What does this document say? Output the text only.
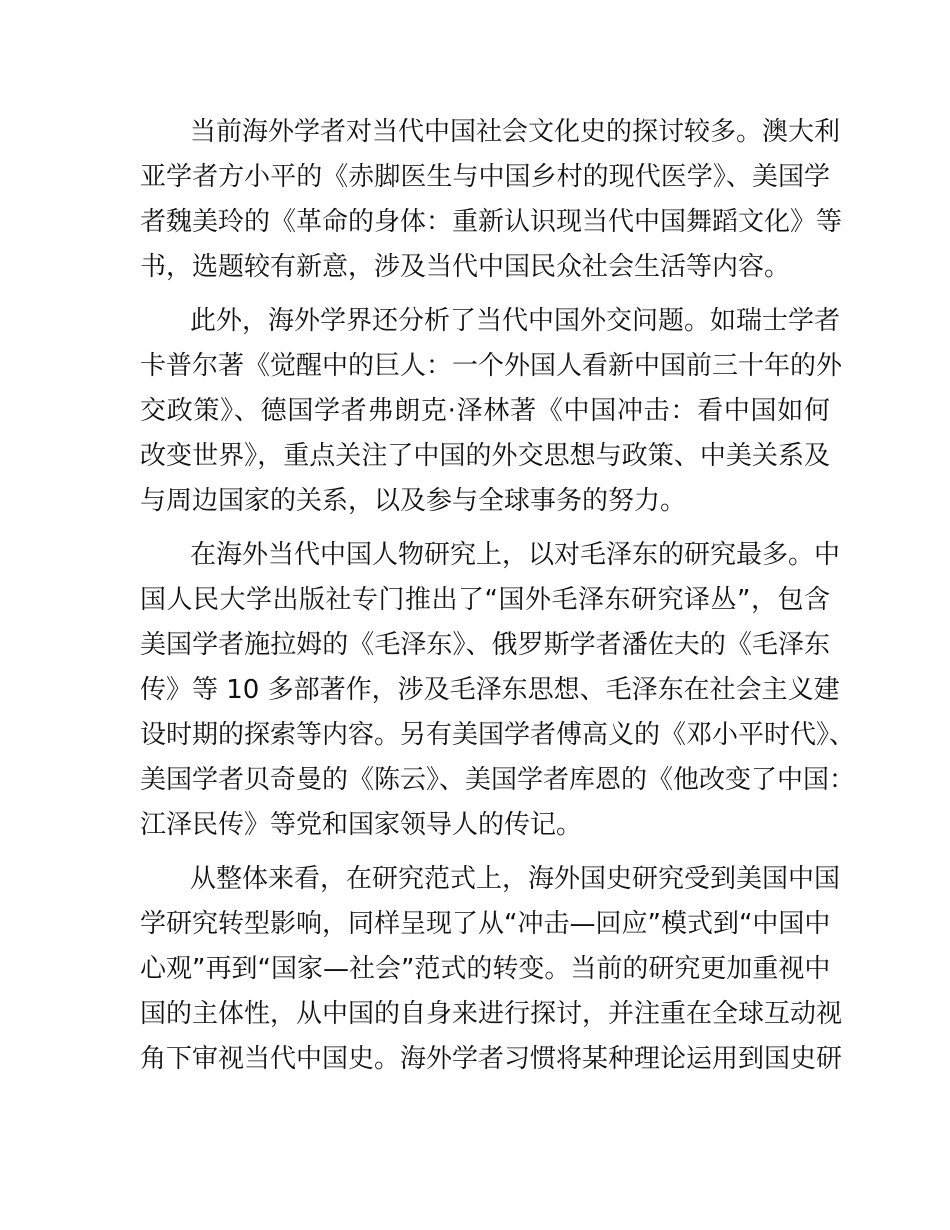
当前海外学者对当代中国社会文化史的探讨较多。澳大利
亚学者方小平的《赤脚医生与中国乡村的现代医学》、美国学
者魏美玲的《革命的身体：重新认识现当代中国舞蹈文化》等
书，选题较有新意，涉及当代中国民众社会生活等内容。
此外，海外学界还分析了当代中国外交问题。如瑞士学者
卡普尔著《觉醒中的巨人：一个外国人看新中国前三十年的外
交政策》、德国学者弗朗克·泽林著《中国冲击：看中国如何
改变世界》，重点关注了中国的外交思想与政策、中美关系及
与周边国家的关系，以及参与全球事务的努力。
在海外当代中国人物研究上，以对毛泽东的研究最多。中
国人民大学出版社专门推出了“国外毛泽东研究译丛”，包含
美国学者施拉姆的《毛泽东》、俄罗斯学者潘佐夫的《毛泽东
传》等 10 多部著作，涉及毛泽东思想、毛泽东在社会主义建
设时期的探索等内容。另有美国学者傅高义的《邓小平时代》、
美国学者贝奇曼的《陈云》、美国学者库恩的《他改变了中国：
江泽民传》等党和国家领导人的传记。
从整体来看，在研究范式上，海外国史研究受到美国中国
学研究转型影响，同样呈现了从“冲击—回应”模式到“中国中
心观”再到“国家—社会”范式的转变。当前的研究更加重视中
国的主体性，从中国的自身来进行探讨，并注重在全球互动视
角下审视当代中国史。海外学者习惯将某种理论运用到国史研
